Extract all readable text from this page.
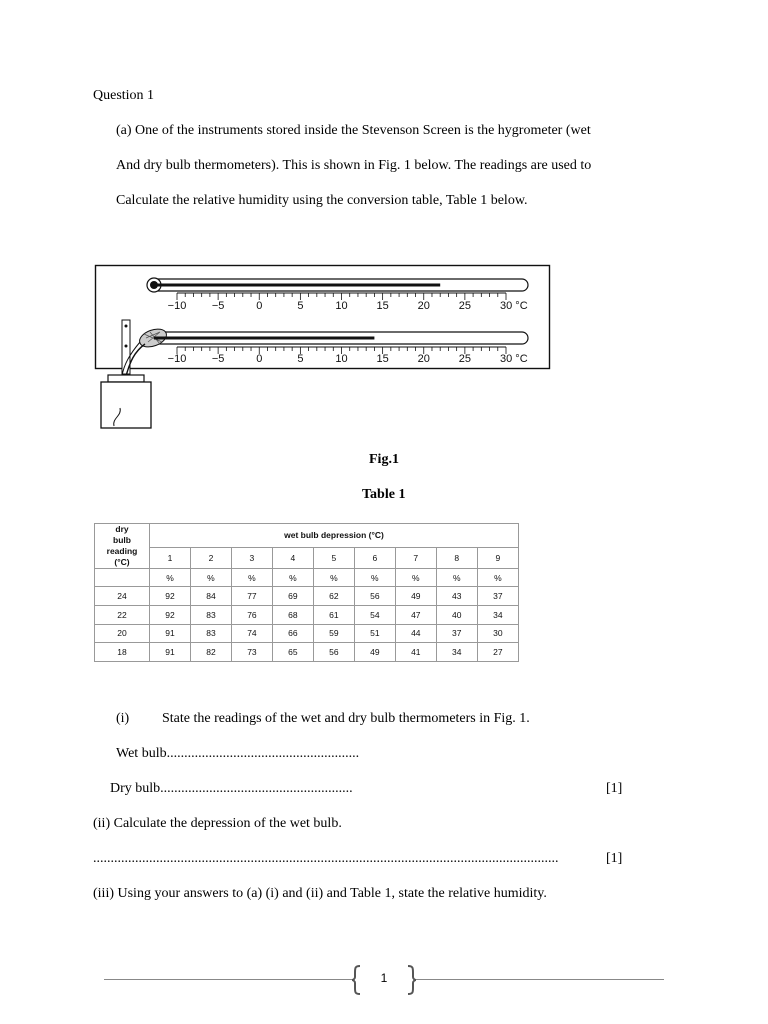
Question 1
(a) One of the instruments stored inside the Stevenson Screen is the hygrometer (wet
And dry bulb thermometers). This is shown in Fig. 1 below. The readings are used to
Calculate the relative humidity using the conversion table, Table 1 below.
−10 −5	0	5	10	15	20	25	30 °C
−10 −5	0	5	10	15	20	25	30 °C
Fig.1
Table 1
dry
bulb
reading
(°C)	wet bulb depression (°C)								
	1	2	3	4	5	6	7	8	9
	%	%	%	%	%	%	%	%	%
24	92	84	77	69	62	56	49	43	37
22	92	83	76	68	61	54	47	40	34
20	91	83	74	66	59	51	44	37	30
18	91	82	73	65	56	49	41	34	27
(i) State the readings of the wet and dry bulb thermometers in Fig. 1.
Wet bulb.......................................................
Dry bulb.......................................................	[1]
(ii) Calculate the depression of the wet bulb.
.....................................................................................................................................	[1]
(iii) Using your answers to (a) (i) and (ii) and Table 1, state the relative humidity.
1
